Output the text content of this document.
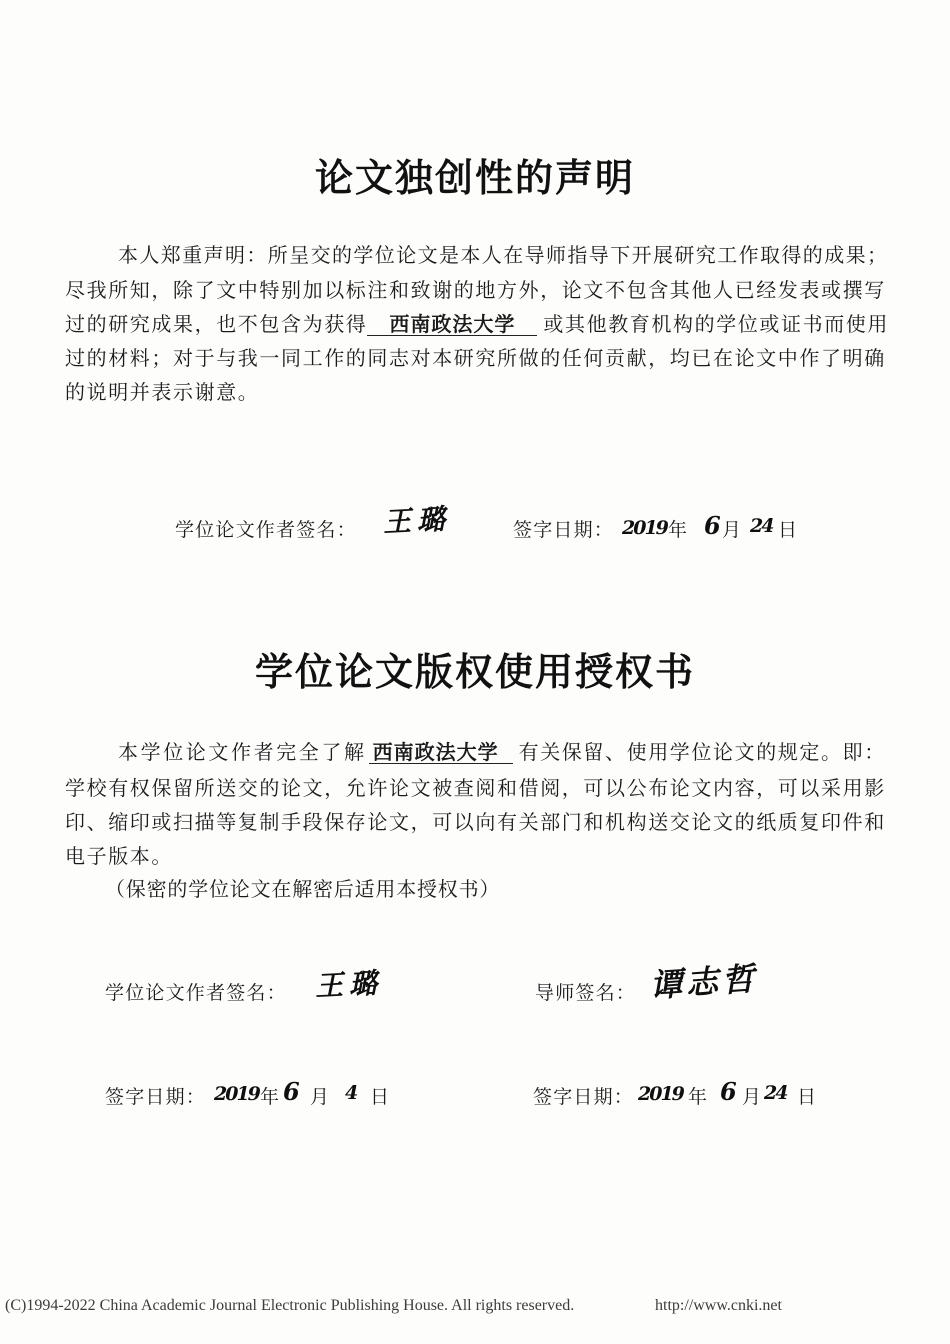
论文独创性的声明
本人郑重声明：所呈交的学位论文是本人在导师指导下开展研究工作取得的成果；
尽我所知，除了文中特别加以标注和致谢的地方外，论文不包含其他人已经发表或撰写
过的研究成果，也不包含为获得 西南政法大学 或其他教育机构的学位或证书而使用
过的材料；对于与我一同工作的同志对本研究所做的任何贡献，均已在论文中作了明确
的说明并表示谢意。
学位论文作者签名： 王璐	签字日期： 2019 年 6 月 24 日
学位论文版权使用授权书
本学位论文作者完全了解 西南政法大学 有关保留、使用学位论文的规定。即：
学校有权保留所送交的论文，允许论文被查阅和借阅，可以公布论文内容，可以采用影
印、缩印或扫描等复制手段保存论文，可以向有关部门和机构送交论文的纸质复印件和
电子版本。
（保密的学位论文在解密后适用本授权书）
学位论文作者签名： 王璐	导师签名： 谭志哲
签字日期： 2019 年 6 月 4 日	签字日期： 2019 年 6 月 24 日
(C)1994-2022 China Academic Journal Electronic Publishing House. All rights reserved.	http://www.cnki.net
